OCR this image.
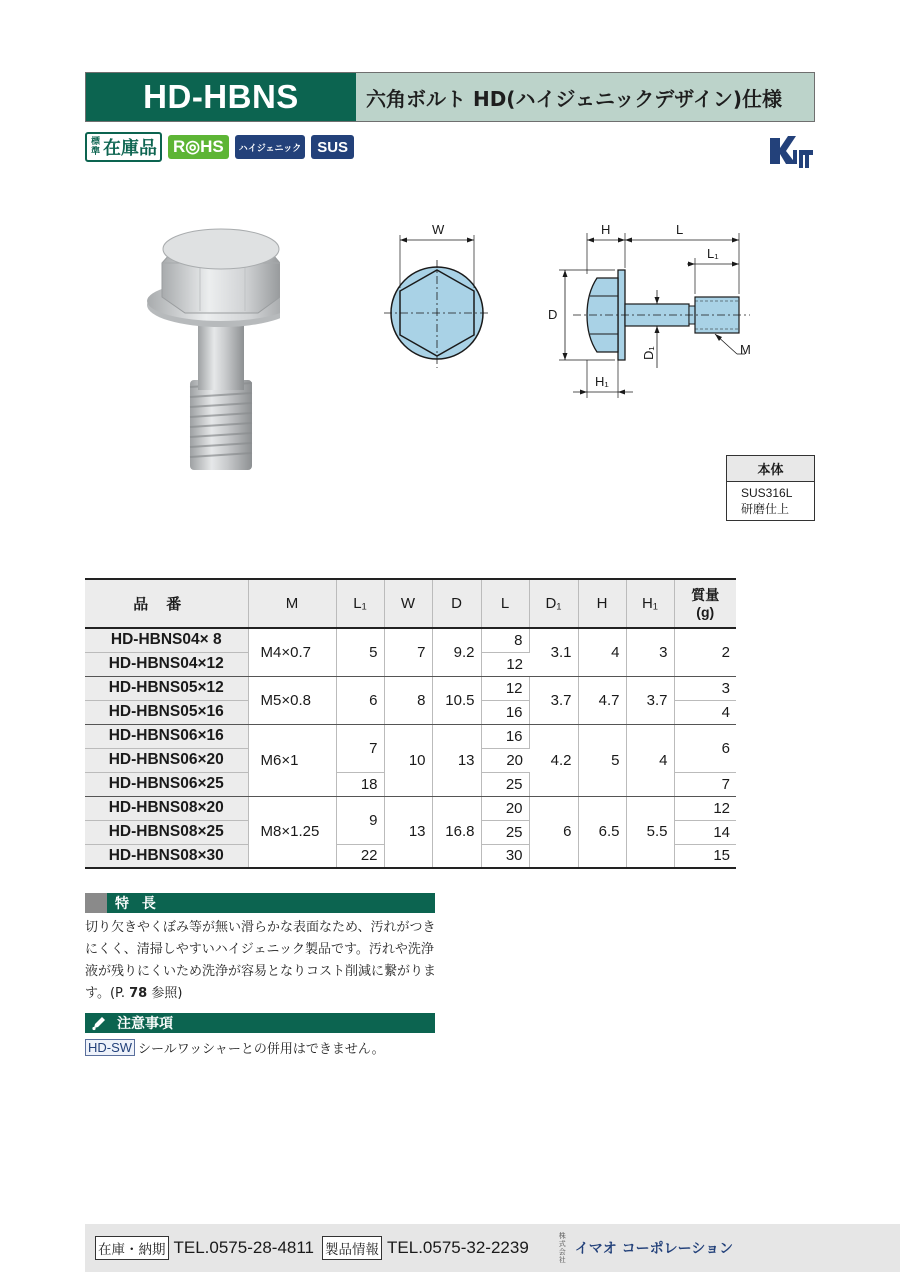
HD-HBNS	六角ボルト HD(ハイジェニックデザイン)仕様
標準 在庫品 R◎HS	ハイジェニック	SUS
W	H	L
L₁
D
D₁
H₁
M
本体
SUS316L
研磨仕上
品番	M	L₁	W	D	L	D₁	H	H₁	質量
(g)
HD-HBNS04× 8	M4×0.7	5	7	9.2	8	3.1	4	3	2
HD-HBNS04×12					12				
HD-HBNS05×12	M5×0.8	6	8	10.5	12	3.7	4.7	3.7	3
HD-HBNS05×16					16				4
HD-HBNS06×16	M6×1	7	10	13	16	4.2	5	4	6
HD-HBNS06×20					20				
HD-HBNS06×25		18			25				7
HD-HBNS08×20	M8×1.25	9	13	16.8	20	6	6.5	5.5	12
HD-HBNS08×25					25				14
HD-HBNS08×30		22			30				15
特 長
切り欠きやくぼみ等が無い滑らかな表面なため、汚れがつきにくく、清掃しやすいハイジェニック製品です。汚れや洗浄液が残りにくいため洗浄が容易となりコスト削減に繋がります。(P. 78 参照)
注意事項
HD-SW シールワッシャーとの併用はできません。
在庫・納期 TEL.0575-28-4811 製品情報 TEL.0575-32-2239
株式会社
イマオ コーポレーション
